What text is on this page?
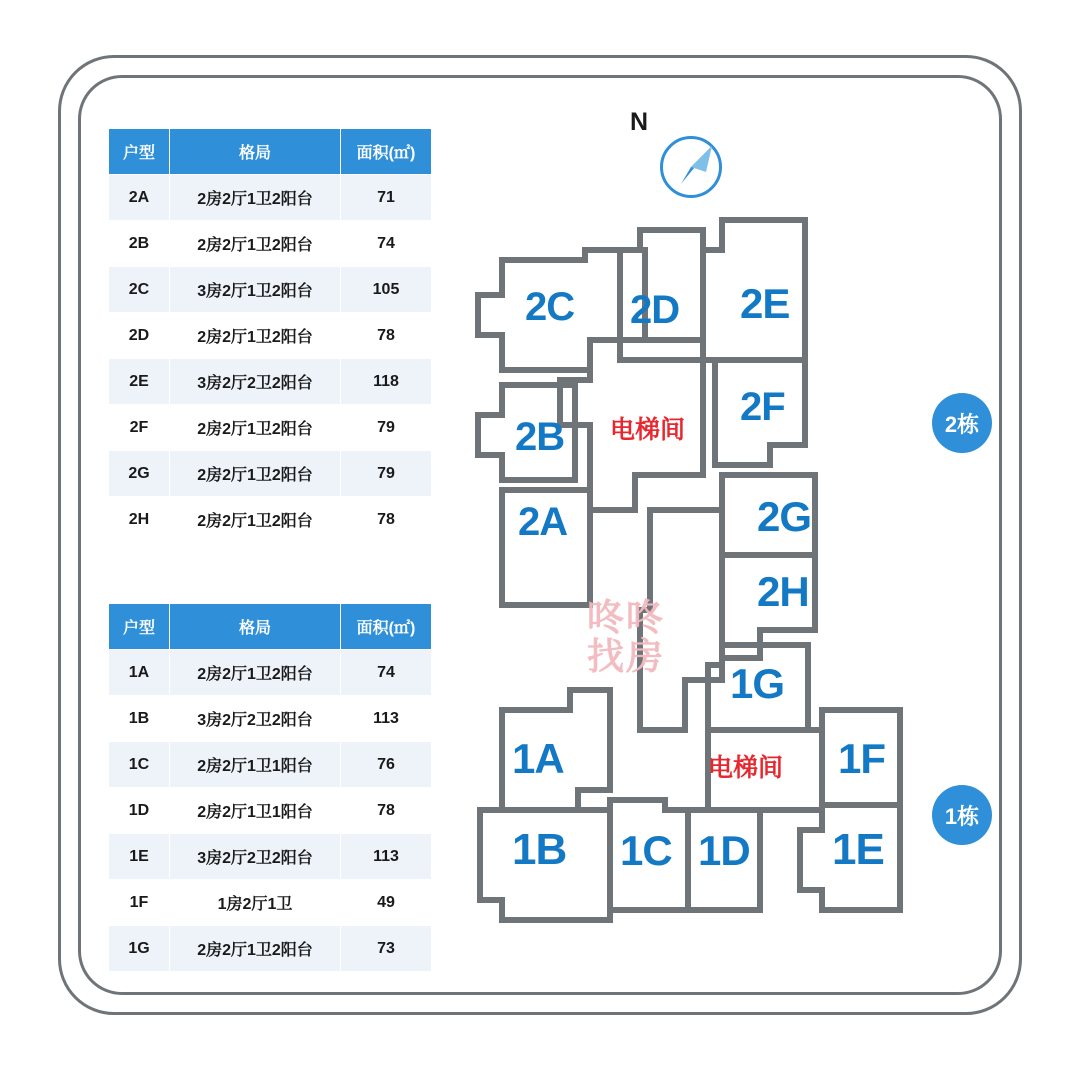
N
户型	格局	面积(㎡)
2A	2房2厅1卫2阳台	71
2B	2房2厅1卫2阳台	74
2C	3房2厅1卫2阳台	105
2D	2房2厅1卫2阳台	78
2E	3房2厅2卫2阳台	118
2F	2房2厅1卫2阳台	79
2G	2房2厅1卫2阳台	79
2H	2房2厅1卫2阳台	78
户型	格局	面积(㎡)
1A	2房2厅1卫2阳台	74
1B	3房2厅2卫2阳台	113
1C	2房2厅1卫1阳台	76
1D	2房2厅1卫1阳台	78
1E	3房2厅2卫2阳台	113
1F	1房2厅1卫	49
1G	2房2厅1卫2阳台	73
2C 2D 2E
2B
2F
2A	2G
2H
1G
1A	1F
1B 1C 1D 1E
电梯间
电梯间
咚咚
找房
2栋
1栋
